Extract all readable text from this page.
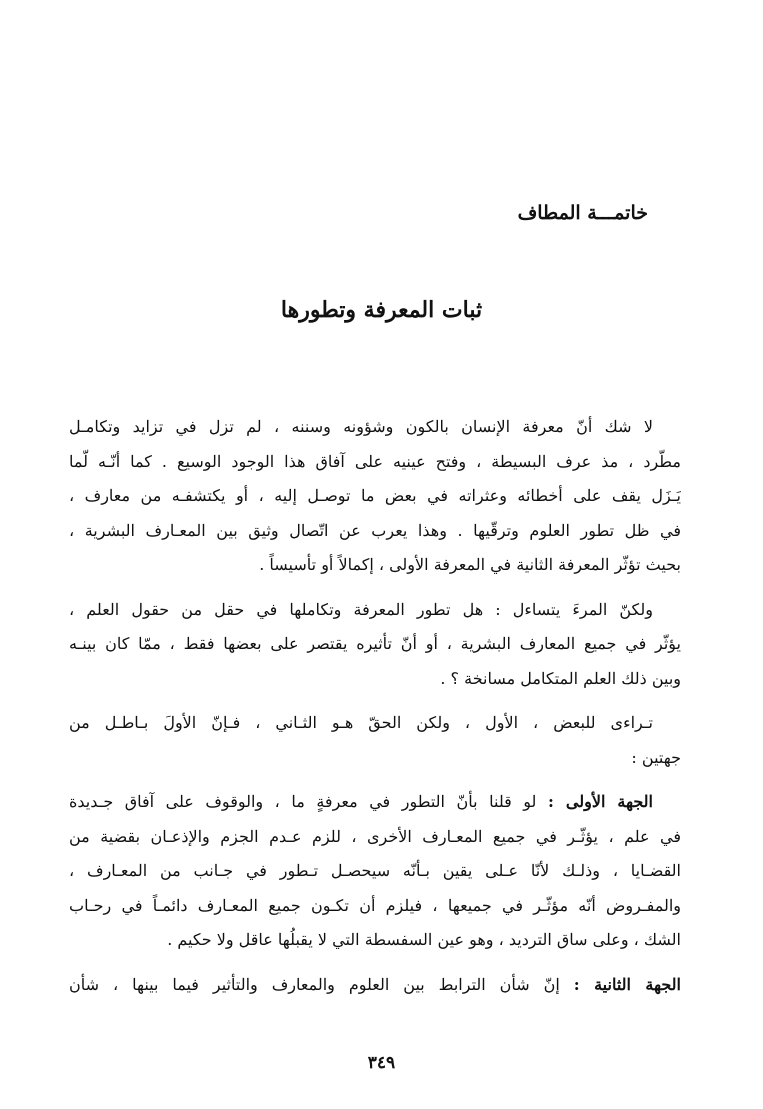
خاتمـــة المطاف
ثبات المعرفة وتطورها
لا شك أنّ معرفة الإنسان بالكون وشؤونه وسننه ، لم تزل في تزايد وتكامـل
مطّرد ، مذ عرف البسيطة ، وفتح عينيه على آفاق هذا الوجود الوسيع . كما أنّـه لّما
يَـزَل يقف على أخطائه وعثراته في بعض ما توصـل إليه ، أو يكتشفـه من معارف ،
في ظل تطور العلوم وترقّيها . وهذا يعرب عن اتّصال وثيق بين المعـارف البشرية ،
بحيث تؤثّر المعرفة الثانية في المعرفة الأولى ، إكمالاً أو تأسيساً .
ولكنّ المرءَ يتساءل : هل تطور المعرفة وتكاملها في حقل من حقول العلم ،
يؤثّر في جميع المعارف البشرية ، أو أنّ تأثيره يقتصر على بعضها فقط ، ممّا كان بينـه
وبين ذلك العلم المتكامل مسانخة ؟ .
تـراءى للبعض ، الأول ، ولكن الحقّ هـو الثـاني ، فـإنّ الأولَ بـاطـل من
جهتين :
الجهة الأولى : لو قلنا بأنّ التطور في معرفةٍ ما ، والوقوف على آفاق جـديدة
في علم ، يؤثّـر في جميع المعـارف الأخرى ، للزم عـدم الجزم والإذعـان بقضية من
القضـايا ، وذلـك لأنّا عـلى يقين بـأنّه سيحصـل تـطور في جـانب من المعـارف ،
والمفـروض أنّه مؤثّـر في جميعها ، فيلزم أن تكـون جميع المعـارف دائمـاً في رحـاب
الشك ، وعلى ساق الترديد ، وهو عين السفسطة التي لا يقبلُها عاقل ولا حكيم .
الجهة الثانية : إنّ شأن الترابط بين العلوم والمعارف والتأثير فيما بينها ، شأن
٣٤٩
